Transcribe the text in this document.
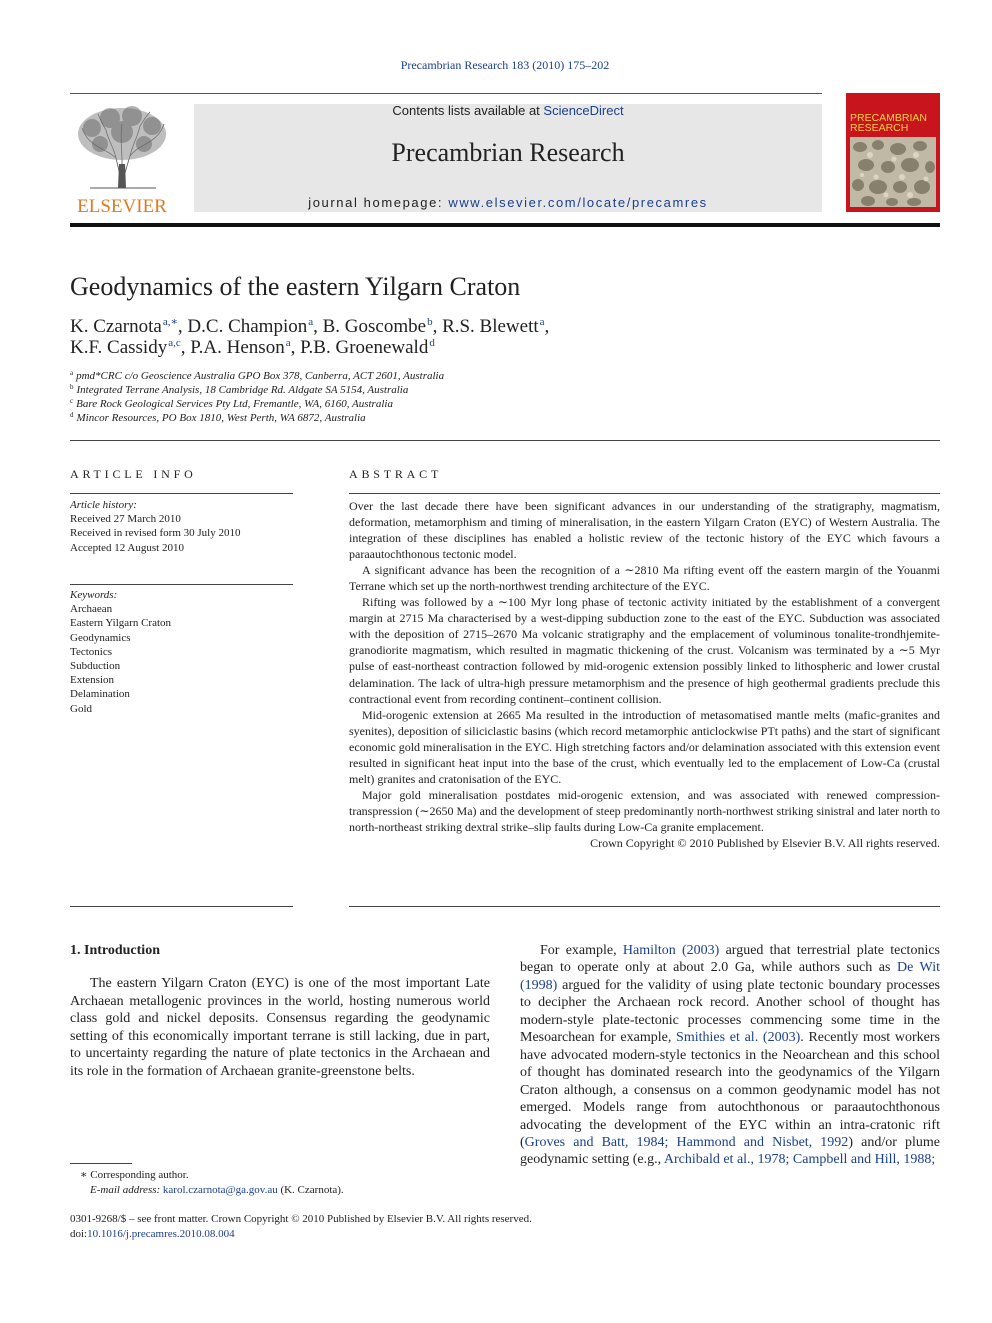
Precambrian Research 183 (2010) 175–202
ELSEVIER
Contents lists available at ScienceDirect
Precambrian Research
journal homepage: www.elsevier.com/locate/precamres
PRECAMBRIAN
RESEARCH
Geodynamics of the eastern Yilgarn Craton
K. Czarnota$^{a,∗}$, D.C. Champion$^a$, B. Goscombe$^b$, R.S. Blewett$^a$,
K.F. Cassidy$^{a,c}$, P.A. Henson$^a$, P.B. Groenewald$^d$
$^a$ pmd*CRC c/o Geoscience Australia GPO Box 378, Canberra, ACT 2601, Australia
$^b$ Integrated Terrane Analysis, 18 Cambridge Rd. Aldgate SA 5154, Australia
$^c$ Bare Rock Geological Services Pty Ltd, Fremantle, WA, 6160, Australia
$^d$ Mincor Resources, PO Box 1810, West Perth, WA 6872, Australia
ARTICLE INFO
Article history:
Received 27 March 2010
Received in revised form 30 July 2010
Accepted 12 August 2010
Keywords:
Archaean
Eastern Yilgarn Craton
Geodynamics
Tectonics
Subduction
Extension
Delamination
Gold
ABSTRACT

Over the last decade there have been significant advances in our understanding of the stratigraphy, magmatism, deformation, metamorphism and timing of mineralisation, in the eastern Yilgarn Craton (EYC) of Western Australia. The integration of these disciplines has enabled a holistic review of the tectonic history of the EYC which favours a paraautochthonous tectonic model.

A significant advance has been the recognition of a ∼2810 Ma rifting event off the eastern margin of the Youanmi Terrane which set up the north-northwest trending architecture of the EYC.

Rifting was followed by a ∼100 Myr long phase of tectonic activity initiated by the establishment of a convergent margin at 2715 Ma characterised by a west-dipping subduction zone to the east of the EYC. Subduction was associated with the deposition of 2715–2670 Ma volcanic stratigraphy and the emplacement of voluminous tonalite-trondhjemite-granodiorite magmatism, which resulted in magmatic thickening of the crust. Volcanism was terminated by a ∼5 Myr pulse of east-northeast contraction followed by mid-orogenic extension possibly linked to lithospheric and lower crustal delamination. The lack of ultra-high pressure metamorphism and the presence of high geothermal gradients preclude this contractional event from recording continent–continent collision.

Mid-orogenic extension at 2665 Ma resulted in the introduction of metasomatised mantle melts (mafic-granites and syenites), deposition of siliciclastic basins (which record metamorphic anticlockwise PTt paths) and the start of significant economic gold mineralisation in the EYC. High stretching factors and/or delamination associated with this extension event resulted in significant heat input into the base of the crust, which eventually led to the emplacement of Low-Ca (crustal melt) granites and cratonisation of the EYC.

Major gold mineralisation postdates mid-orogenic extension, and was associated with renewed compression-transpression (∼2650 Ma) and the development of steep predominantly north-northwest striking sinistral and later north to north-northeast striking dextral strike–slip faults during Low-Ca granite emplacement.

Crown Copyright © 2010 Published by Elsevier B.V. All rights reserved.

1. Introduction

The eastern Yilgarn Craton (EYC) is one of the most important Late Archaean metallogenic provinces in the world, hosting numerous world class gold and nickel deposits. Consensus regarding the geodynamic setting of this economically important terrane is still lacking, due in part, to uncertainty regarding the nature of plate tectonics in the Archaean and its role in the formation of Archaean granite-greenstone belts.

For example, Hamilton (2003) argued that terrestrial plate tectonics began to operate only at about 2.0 Ga, while authors such as De Wit (1998) argued for the validity of using plate tectonic boundary processes to decipher the Archaean rock record. Another school of thought has modern-style plate-tectonic processes commencing some time in the Mesoarchean for example, Smithies et al. (2003). Recently most workers have advocated modern-style tectonics in the Neoarchean and this school of thought has dominated research into the geodynamics of the Yilgarn Craton although, a consensus on a common geodynamic model has not emerged. Models range from autochthonous or paraautochthonous advocating the development of the EYC within an intra-cratonic rift (Groves and Batt, 1984; Hammond and Nisbet, 1992) and/or plume geodynamic setting (e.g., Archibald et al., 1978; Campbell and Hill, 1988;

∗ Corresponding author.
E-mail address: karol.czarnota@ga.gov.au (K. Czarnota).
0301-9268/$ – see front matter. Crown Copyright © 2010 Published by Elsevier B.V. All rights reserved.
doi:10.1016/j.precamres.2010.08.004
